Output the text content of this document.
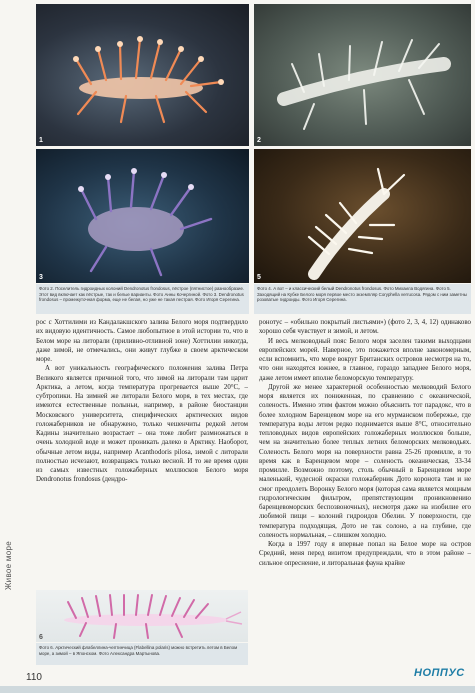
1	2
3	5
Фото 2. Поселитель гидроидных колоний Dendronotus frondosus, пёстрое (пятнистое) разнообразие. Этот вид включает как пёстрые, так и белые варианты. Фото Анны Кочергиной. Фото 3. Dendronotus frondosus – промежуточная форма, еще не белая, но уже не такая пестрая. Фото Игоря Серегина.
Фото 4. А вот – и классический белый Dendronotus frondosus. Фото Михаила Водягина. Фото 5. Заходящий на Кубке Белого моря первое место экземпляр Coryphella verrucosa. Рядом с ним заметны розоватые гидроиды. Фото Игоря Серегина.

рос с Хоттилими из Кандалакшского залива Белого моря подтвердило их видовую идентичность. Самое любопытное в этой истории то, что в Белом море на литорали (приливно-отливной зоне) Хоттилии никогда, даже зимой, не отмечались, они живут глубже в своем арктическом море.

А вот уникальность географического положения залива Петра Великого является причиной того, что зимой на литорали там царит Арктика, а летом, когда температура прогревается выше 20°С, – субтропики. На зимней же литорали Белого моря, в тех местах, где имеются естественные полыньи, например, в районе биостанции Московского университета, специфических арктических видов голожаберников не обнаружено, только чешенчиты редкой летом Кадины значительно возрастает – она тоже любит размножаться в очень холодной воде и может проникать далеко в Арктику. Наоборот, обычные летом виды, например Acanthodoris pilosa, зимой с литорали полностью исчезают, возвращаясь только весной. И то же время один из самых известных голожаберных моллюсков Белого моря Dendronotus frondosus (дендро-

ронотус – «обильно покрытый листьями») (фото 2, 3, 4, 12) одинаково хорошо себя чувствует и зимой, и летом.

И весь мелководный пояс Белого моря заселен такими выходцами европейских морей. Наверное, это покажется вполне закономерным, если вспомнить, что море вокруг Британских островов несмотря на то, что они находятся южнее, в главное, гораздо западнее Белого моря, даже летом имеет вполне беломорскую температуру.

Другой же менее характерной особенностью мелководий Белого моря является их пониженная, по сравнению с океанической, соленость. Именно этим фактом можно объяснить тот парадокс, что в более холодном Баренцевом море на его мурманском побережье, где температура воды летом редко поднимается выше 8°С, относительно тепловодных видов европейских голожаберных моллюсков больше, чем на значительно более теплых летних беломорских мелководьях. Соленость Белого моря на поверхности равна 25-26 промилле, в то время как в Баренцевом море – соленость океаническая, 33-34 промилле. Возможно поэтому, столь обычный в Баренцевом море маленький, чудесной окраски голожаберник Дото коронота там и не смог преодолеть Воронку Белого моря (которая сама является мощным гидрологическим фильтром, препятствующим проникновению баренцевоморских беспозвоночных), несмотря даже на изобилие его любимой пищи – колоний гидроидов Обелии. У поверхности, где температура подходящая, Дото не так солоно, а на глубине, где соленость нормальная, – слишком холодно.

Когда в 1997 году я впервые попал на Белое море на остров Средний, меня перед визитом предупреждали, что в этом районе – сильное опреснение, и литоральная фауна крайне

6
Фото 6. Арктический флабеллина-чептинчица (Flabellina polaris) можно встретить летом в Белом море, а зимой – в Японском. Фото Александра Мартынова.
Живое море
110	НОППУС
